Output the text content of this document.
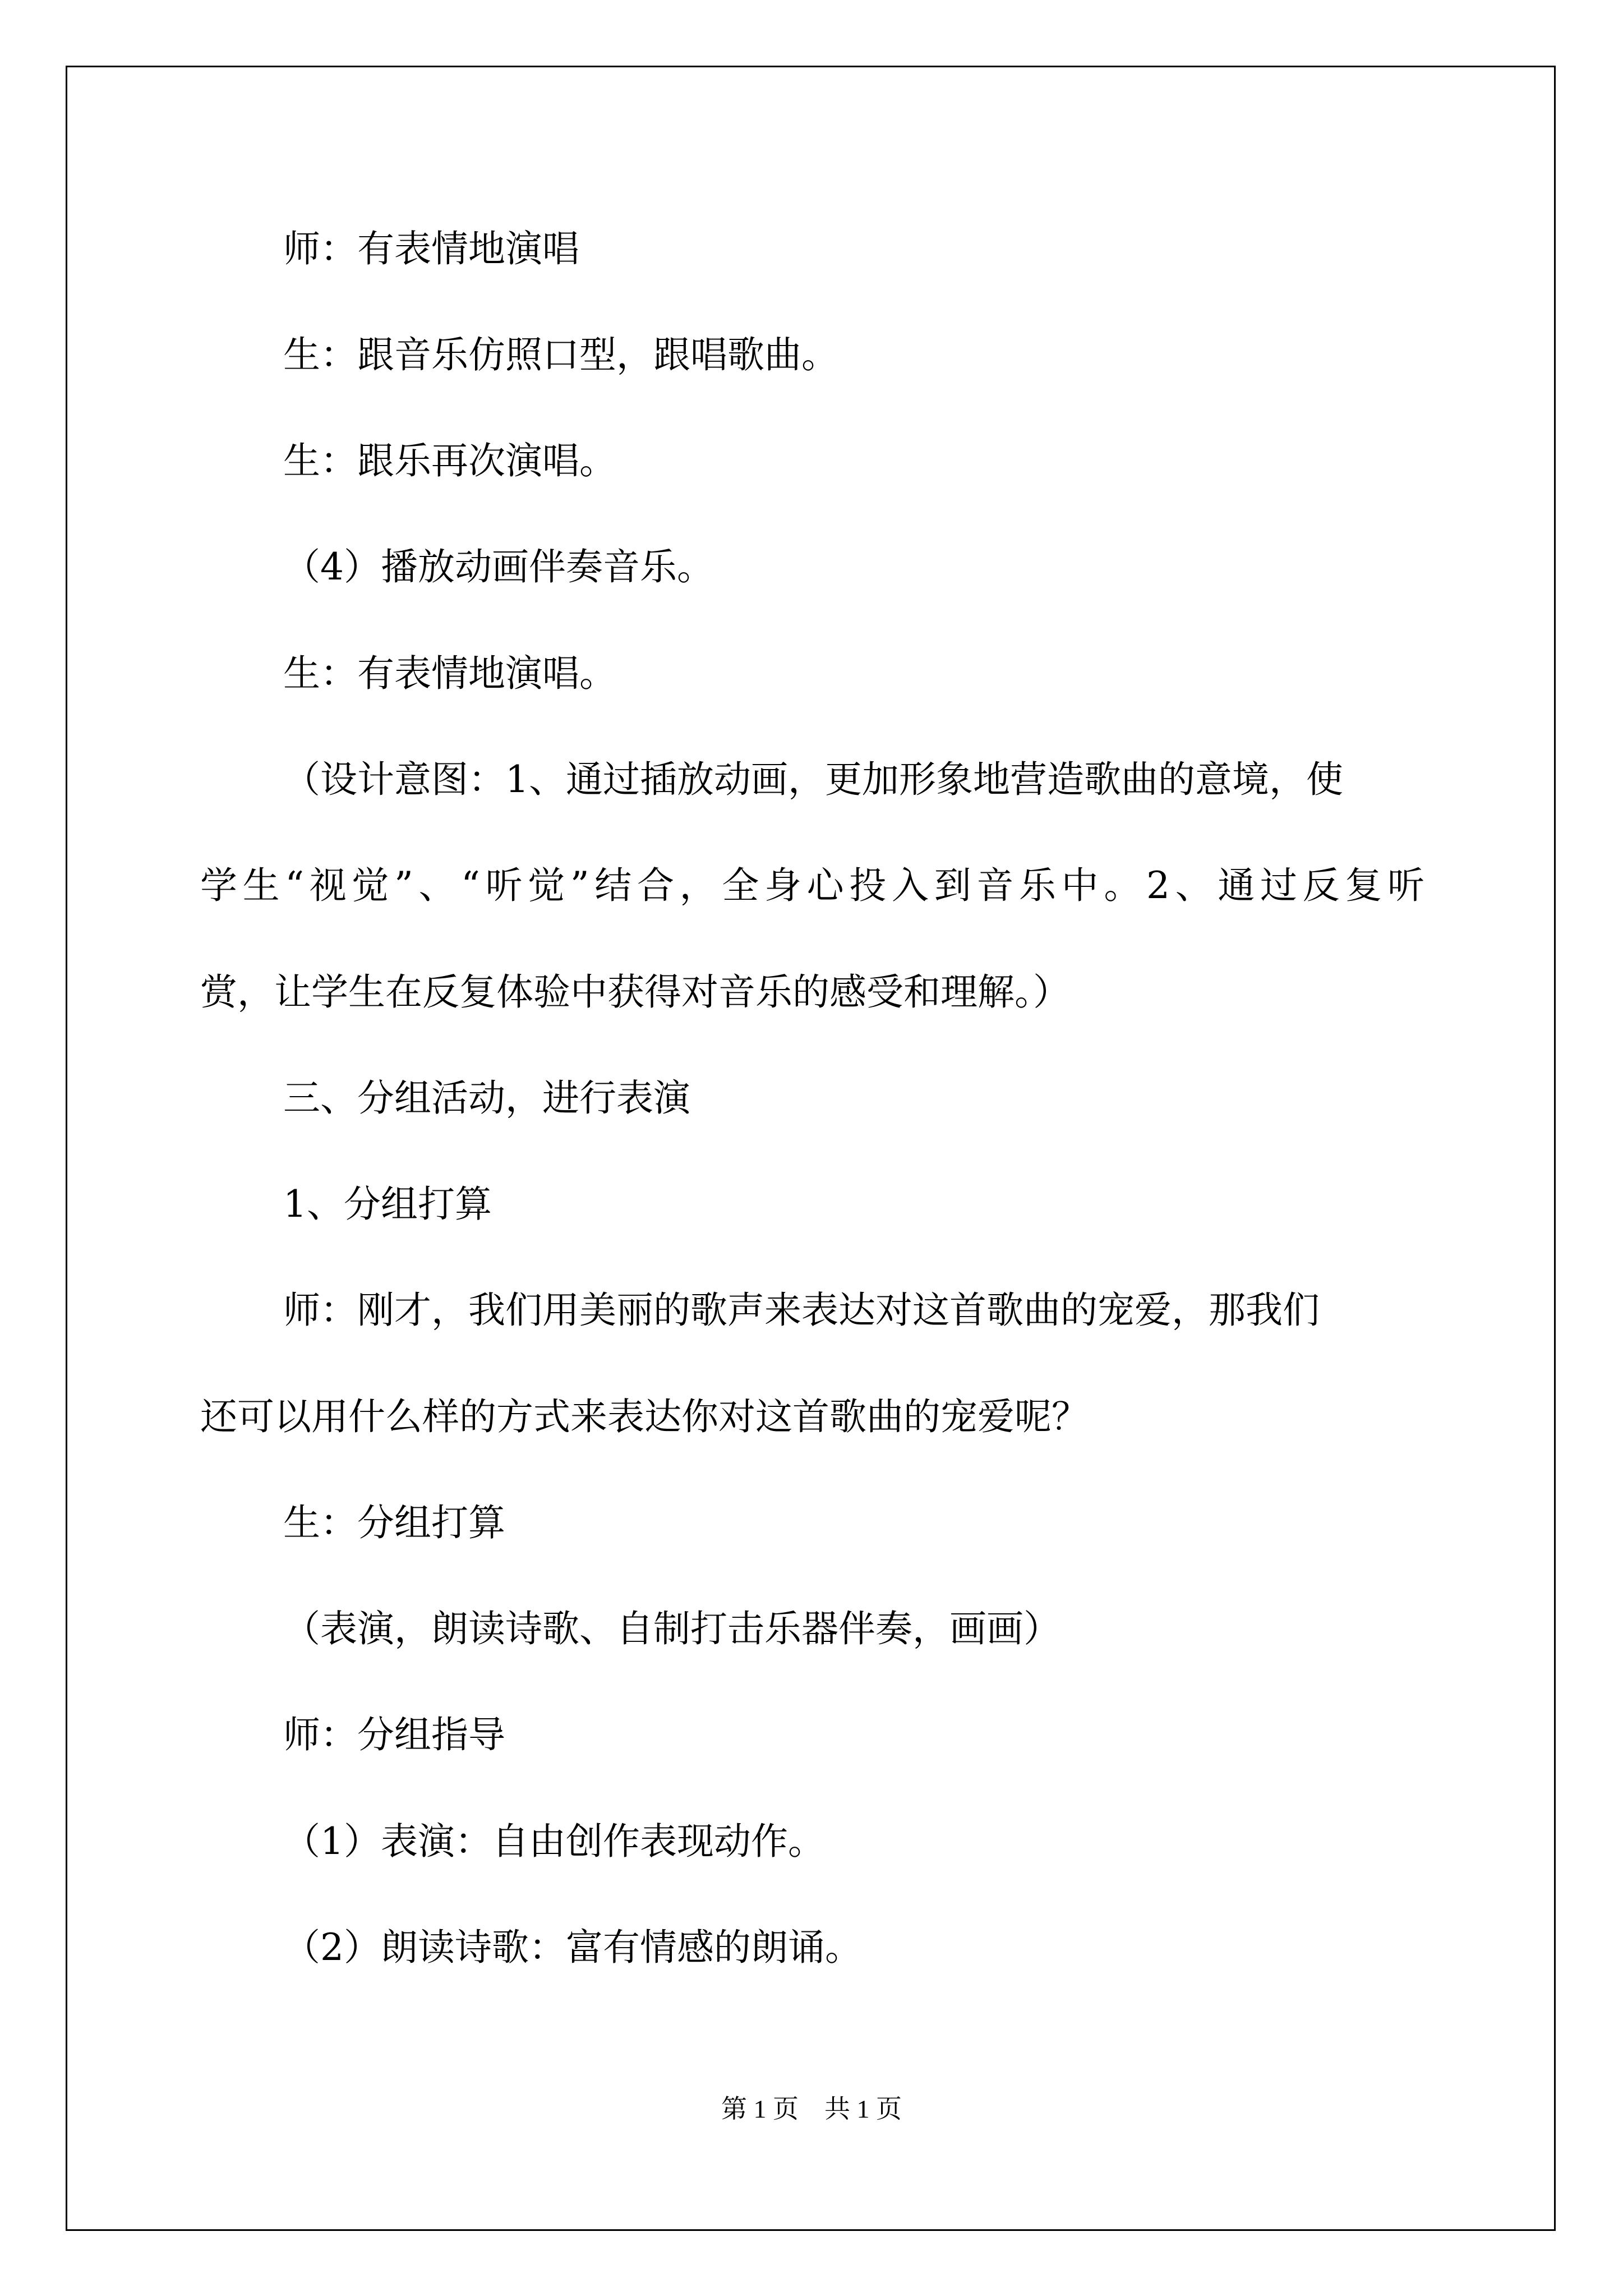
师：有表情地演唱

生：跟音乐仿照口型，跟唱歌曲。

生：跟乐再次演唱。

（4）播放动画伴奏音乐。

生：有表情地演唱。

（设计意图：1、通过插放动画，更加形象地营造歌曲的意境，使

学生“视觉”、“听觉”结合，全身心投入到音乐中。2、通过反复听

赏，让学生在反复体验中获得对音乐的感受和理解。）

三、分组活动，进行表演

1、分组打算

师：刚才，我们用美丽的歌声来表达对这首歌曲的宠爱，那我们

还可以用什么样的方式来表达你对这首歌曲的宠爱呢？

生：分组打算

（表演，朗读诗歌、自制打击乐器伴奏，画画）

师：分组指导

（1）表演：自由创作表现动作。

（2）朗读诗歌：富有情感的朗诵。

第 1 页　共 1 页
